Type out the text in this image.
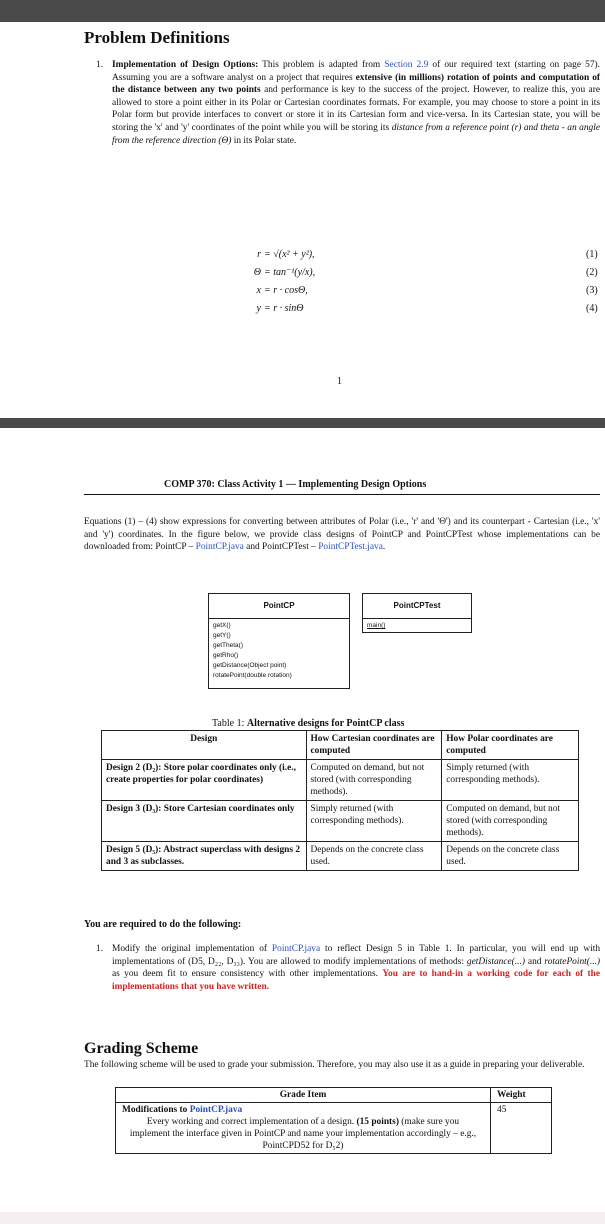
Problem Definitions
1. Implementation of Design Options: This problem is adapted from Section 2.9 of our required text (starting on page 57). Assuming you are a software analyst on a project that requires extensive (in millions) rotation of points and computation of the distance between any two points and performance is key to the success of the project. However, to realize this, you are allowed to store a point either in its Polar or Cartesian coordinates formats. For example, you may choose to store a point in its Polar form but provide interfaces to convert or store it in its Cartesian form and vice-versa. In its Cartesian state, you will be storing the 'x' and 'y' coordinates of the point while you will be storing its distance from a reference point (r) and theta - an angle from the reference direction (Θ) in its Polar state.

r = √(x² + y²),	(1)
Θ = tan⁻¹(y/x),	(2)
x = r · cosΘ,	(3)
y = r · sinΘ	(4)
1
COMP 370: Class Activity 1 — Implementing Design Options

Equations (1) – (4) show expressions for converting between attributes of Polar (i.e., 'r' and 'Θ') and its counterpart - Cartesian (i.e., 'x' and 'y') coordinates. In the figure below, we provide class designs of PointCP and PointCPTest whose implementations can be downloaded from: PointCP – PointCP.java and PointCPTest – PointCPTest.java.

PointCP
getX()
getY()
getTheta()
getRho()
getDistance(Object point)
rotatePoint(double rotation)
PointCPTest
main()
Table 1: Alternative designs for PointCP class
Design	How Cartesian coordinates are computed	How Polar coordinates are computed
Design 2 (D₂): Store polar coordinates only (i.e., create properties for polar coordinates)	Computed on demand, but not stored (with corresponding methods).	Simply returned (with corresponding methods).
Design 3 (D₃): Store Cartesian coordinates only	Simply returned (with corresponding methods).	Computed on demand, but not stored (with corresponding methods).
Design 5 (D₅): Abstract superclass with designs 2 and 3 as subclasses.	Depends on the concrete class used.	Depends on the concrete class used.

You are required to do the following:

1. Modify the original implementation of PointCP.java to reflect Design 5 in Table 1. In particular, you will end up with implementations of (D5, D₂₂, D₃₃). You are allowed to modify implementations of methods: getDistance(...) and rotatePoint(...) as you deem fit to ensure consistency with other implementations. You are to hand-in a working code for each of the implementations that you have written.

Grading Scheme

The following scheme will be used to grade your submission. Therefore, you may also use it as a guide in preparing your deliverable.

Grade Item	Weight

Modifications to PointCP.java
Every working and correct implementation of a design. (15 points) (make sure you implement the interface given in PointCP and name your implementation accordingly – e.g., PointCPD52 for D₅2)	45
